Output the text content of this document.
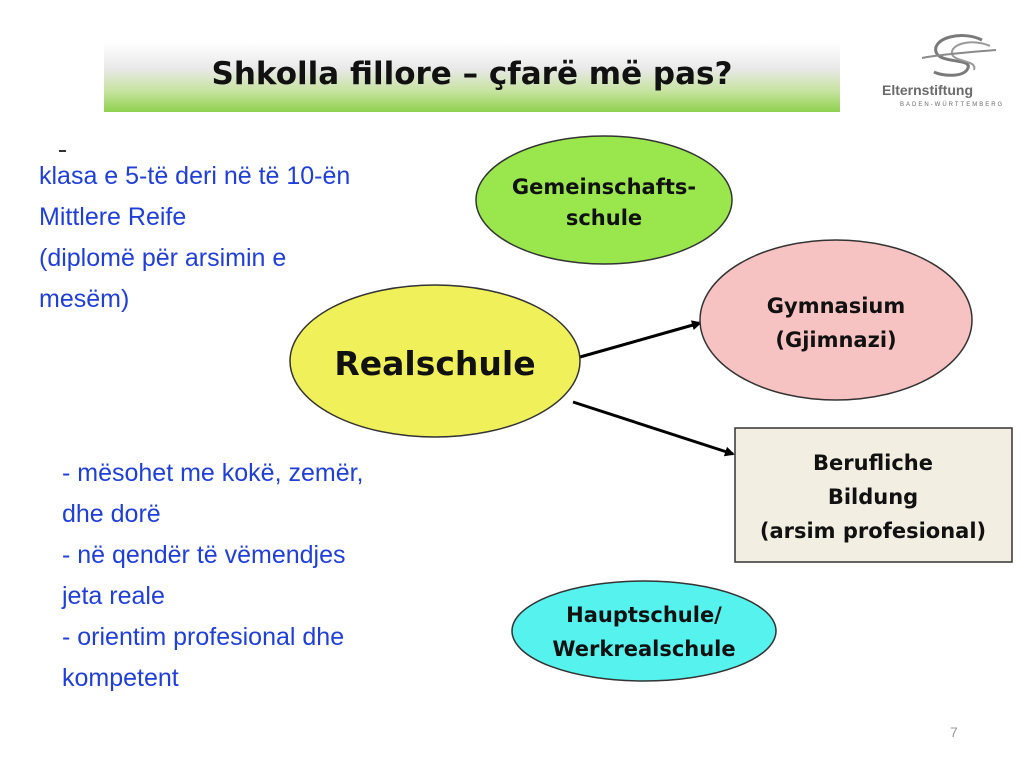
Shkolla fillore – çfarë më pas?	Elternstiftung
BADEN-WÜRTTEMBERG
klasa e 5-të deri në të 10-ën
Mittlere Reife
(diplomë për arsimin e
mesëm)
- mësohet me kokë, zemër,
dhe dorë
- në qendër të vëmendjes
jeta reale
- orientim profesional dhe
kompetent
Gemeinschafts-
schule
Realschule
Gymnasium
(Gjimnazi)
Berufliche
Bildung
(arsim profesional)
Hauptschule/
Werkrealschule
7
